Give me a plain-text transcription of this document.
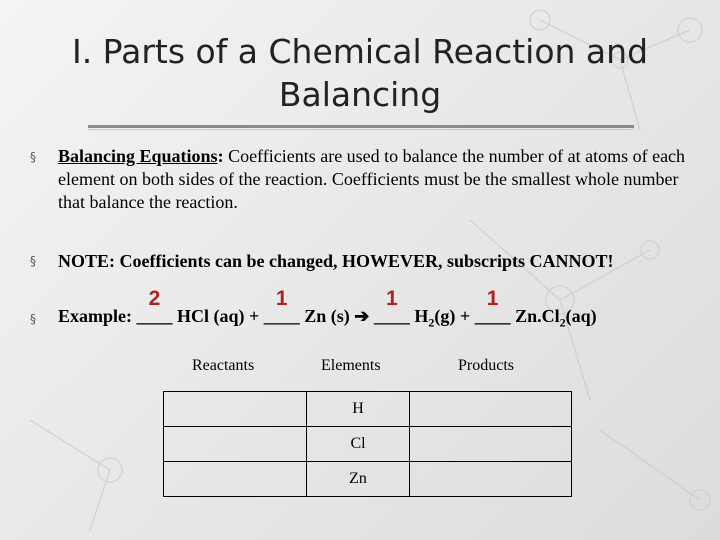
I. Parts of a Chemical Reaction and Balancing
§ Balancing Equations: Coefficients are used to balance the number of at atoms of each element on both sides of the reaction. Coefficients must be the smallest whole number that balance the reaction.
§ NOTE: Coefficients can be changed, HOWEVER, subscripts CANNOT!
§ Example:
2
____ HCl (aq) +
1
____ Zn (s) ➔
1
____ $H_2(g)$ +
1
____ $Zn.Cl_2(aq)$
Reactants	Elements	Products
	H	
	Cl	
	Zn	
